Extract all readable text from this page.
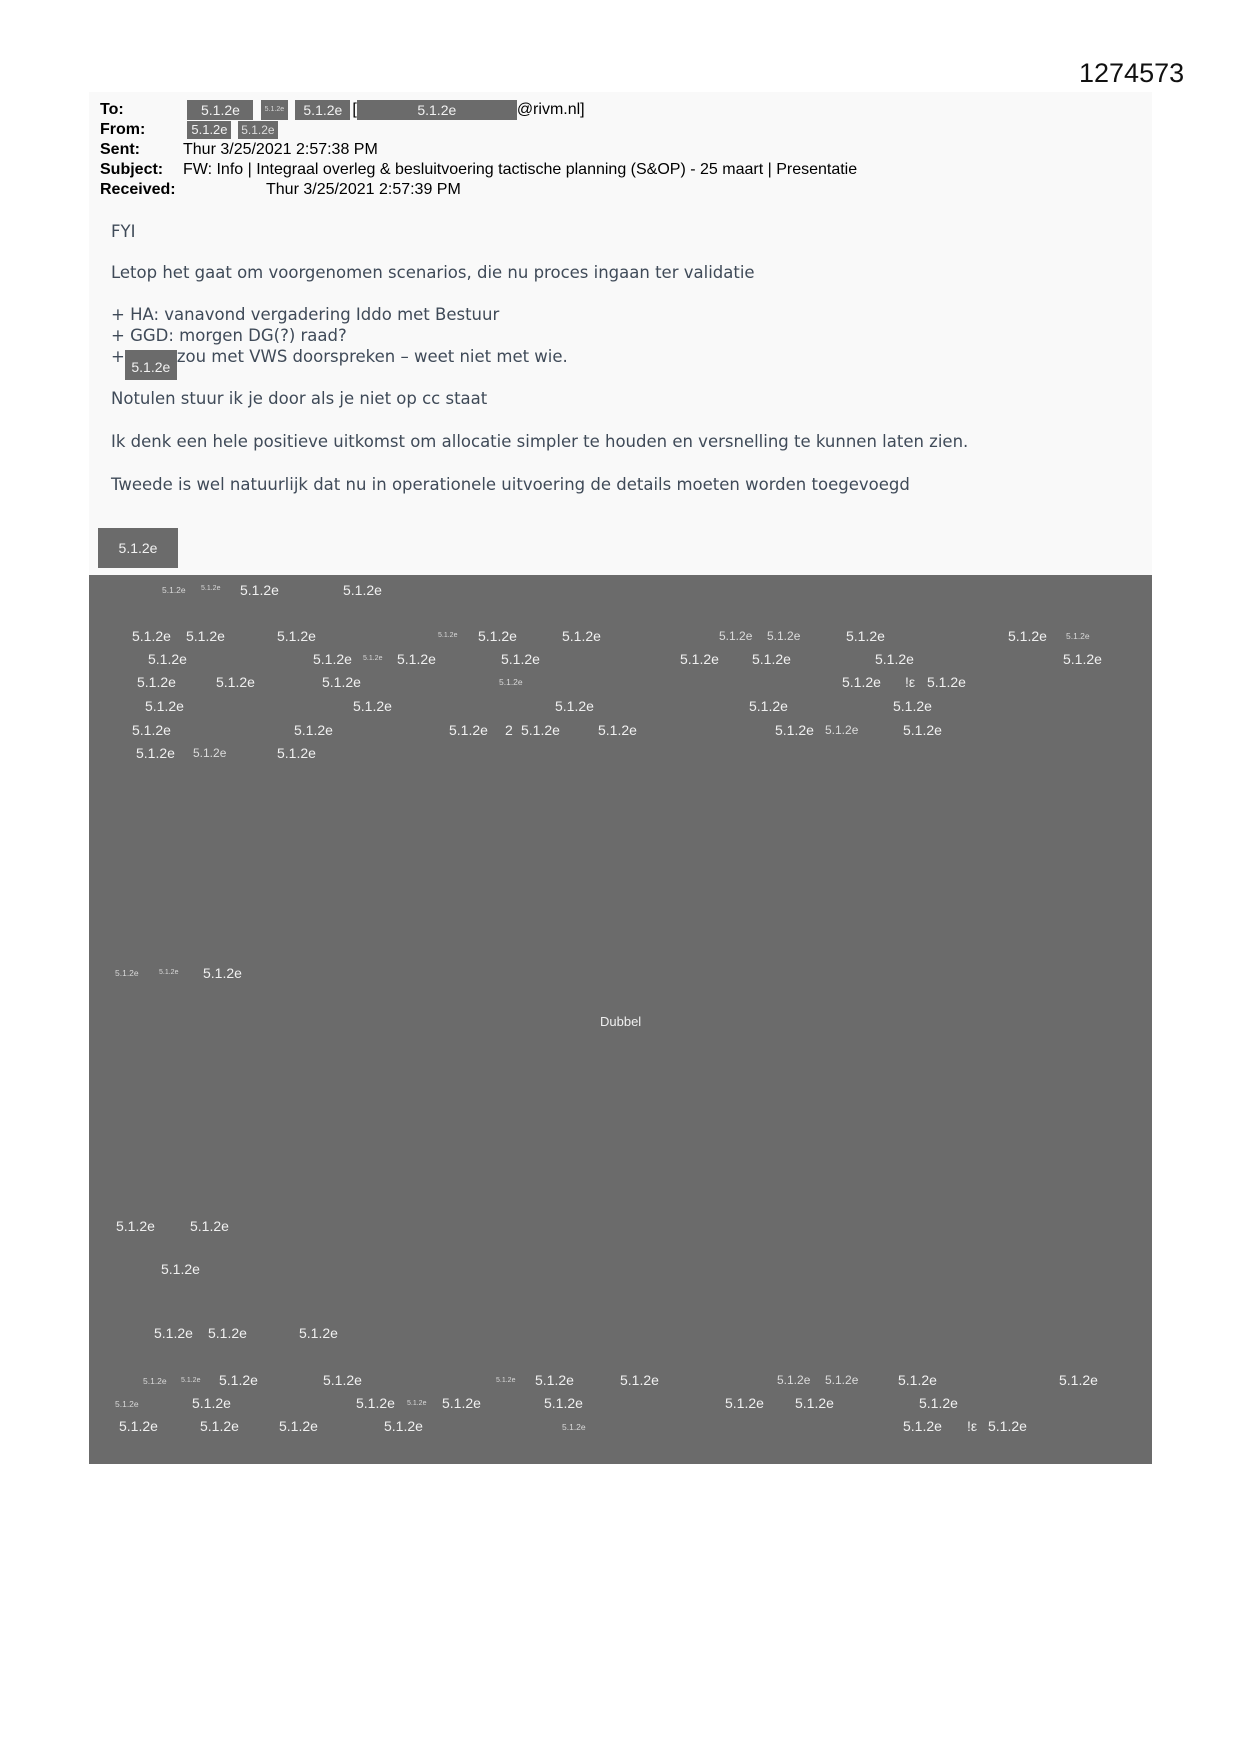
1274573
To:	5.1.2e	5.1.2e 5.1.2e [	5.1.2e	@rivm.nl]
From:	5.1.2e 5.1.2e
Sent:	Thur 3/25/2021 2:57:38 PM
Subject: FW: Info | Integraal overleg & besluitvoering tactische planning (S&OP) - 25 maart | Presentatie
Received:	Thur 3/25/2021 2:57:39 PM
FYI
Letop het gaat om voorgenomen scenarios, die nu proces ingaan ter validatie
+ HA: vanavond vergadering Iddo met Bestuur
+ GGD: morgen DG(?) raad?
+5.1.2ezou met VWS doorspreken – weet niet met wie.
Notulen stuur ik je door als je niet op cc staat
Ik denk een hele positieve uitkomst om allocatie simpler te houden en versnelling te kunnen laten zien.
Tweede is wel natuurlijk dat nu in operationele uitvoering de details moeten worden toegevoegd
5.1.2e
5.1.2e 5.1.2e 5.1.2e	5.1.2e
5.1.2e 5.1.2e	5.1.2e	5.1.2e 5.1.2e	5.1.2e	5.1.2e 5.1.2e	5.1.2e	5.1.2e 5.1.2e
5.1.2e	5.1.2e 5.1.2e 5.1.2e	5.1.2e	5.1.2e 5.1.2e	5.1.2e	5.1.2e
5.1.2e	5.1.2e	5.1.2e	5.1.2e	5.1.2e !ε 5.1.2e
5.1.2e	5.1.2e	5.1.2e	5.1.2e	5.1.2e
5.1.2e	5.1.2e	5.1.2e 2 5.1.2e	5.1.2e	5.1.2e 5.1.2e	5.1.2e
5.1.2e 5.1.2e	5.1.2e
5.1.2e	5.1.2e 5.1.2e
Dubbel
5.1.2e	5.1.2e
5.1.2e
5.1.2e 5.1.2e	5.1.2e
5.1.2e 5.1.2e 5.1.2e	5.1.2e	5.1.2e 5.1.2e	5.1.2e	5.1.2e 5.1.2e	5.1.2e	5.1.2e
5.1.2e	5.1.2e	5.1.2e 5.1.2e 5.1.2e	5.1.2e	5.1.2e 5.1.2e	5.1.2e
5.1.2e	5.1.2e	5.1.2e	5.1.2e	5.1.2e	5.1.2e !ε 5.1.2e
